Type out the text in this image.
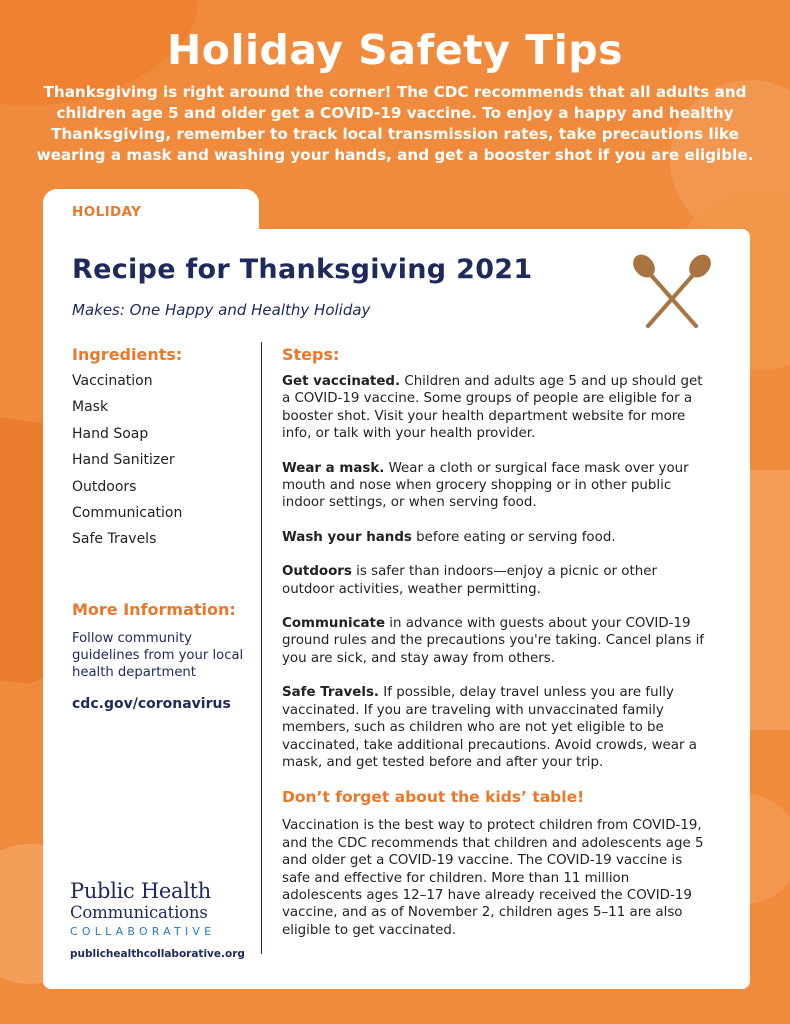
Holiday Safety Tips

Thanksgiving is right around the corner! The CDC recommends that all adults and children age 5 and older get a COVID-19 vaccine. To enjoy a happy and healthy Thanksgiving, remember to track local transmission rates, take precautions like wearing a mask and washing your hands, and get a booster shot if you are eligible.

HOLIDAY
Recipe for Thanksgiving 2021

Makes: One Happy and Healthy Holiday

Ingredients:
Vaccination
Mask
Hand Soap
Hand Sanitizer
Outdoors
Communication
Safe Travels
More Information:

Follow community guidelines from your local health department

cdc.gov/coronavirus
Steps:

Get vaccinated. Children and adults age 5 and up should get a COVID-19 vaccine. Some groups of people are eligible for a booster shot. Visit your health department website for more info, or talk with your health provider.

Wear a mask. Wear a cloth or surgical face mask over your mouth and nose when grocery shopping or in other public indoor settings, or when serving food.

Wash your hands before eating or serving food.

Outdoors is safer than indoors—enjoy a picnic or other outdoor activities, weather permitting.

Communicate in advance with guests about your COVID-19 ground rules and the precautions you're taking. Cancel plans if you are sick, and stay away from others.

Safe Travels. If possible, delay travel unless you are fully vaccinated. If you are traveling with unvaccinated family members, such as children who are not yet eligible to be vaccinated, take additional precautions. Avoid crowds, wear a mask, and get tested before and after your trip.

Don’t forget about the kids’ table!

Vaccination is the best way to protect children from COVID-19, and the CDC recommends that children and adolescents age 5 and older get a COVID-19 vaccine. The COVID-19 vaccine is safe and effective for children. More than 11 million adolescents ages 12–17 have already received the COVID-19 vaccine, and as of November 2, children ages 5–11 are also eligible to get vaccinated.

Public Health

Communications

COLLABORATIVE

publichealthcollaborative.org
